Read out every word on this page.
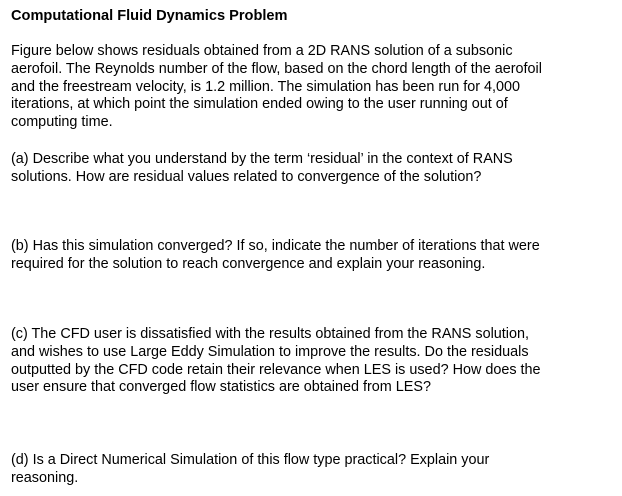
Computational Fluid Dynamics Problem
Figure below shows residuals obtained from a 2D RANS solution of a subsonic
aerofoil. The Reynolds number of the flow, based on the chord length of the aerofoil
and the freestream velocity, is 1.2 million. The simulation has been run for 4,000
iterations, at which point the simulation ended owing to the user running out of
computing time.
(a) Describe what you understand by the term ‘residual’ in the context of RANS
solutions. How are residual values related to convergence of the solution?
(b) Has this simulation converged? If so, indicate the number of iterations that were
required for the solution to reach convergence and explain your reasoning.
(c) The CFD user is dissatisfied with the results obtained from the RANS solution,
and wishes to use Large Eddy Simulation to improve the results. Do the residuals
outputted by the CFD code retain their relevance when LES is used? How does the
user ensure that converged flow statistics are obtained from LES?
(d) Is a Direct Numerical Simulation of this flow type practical? Explain your
reasoning.
